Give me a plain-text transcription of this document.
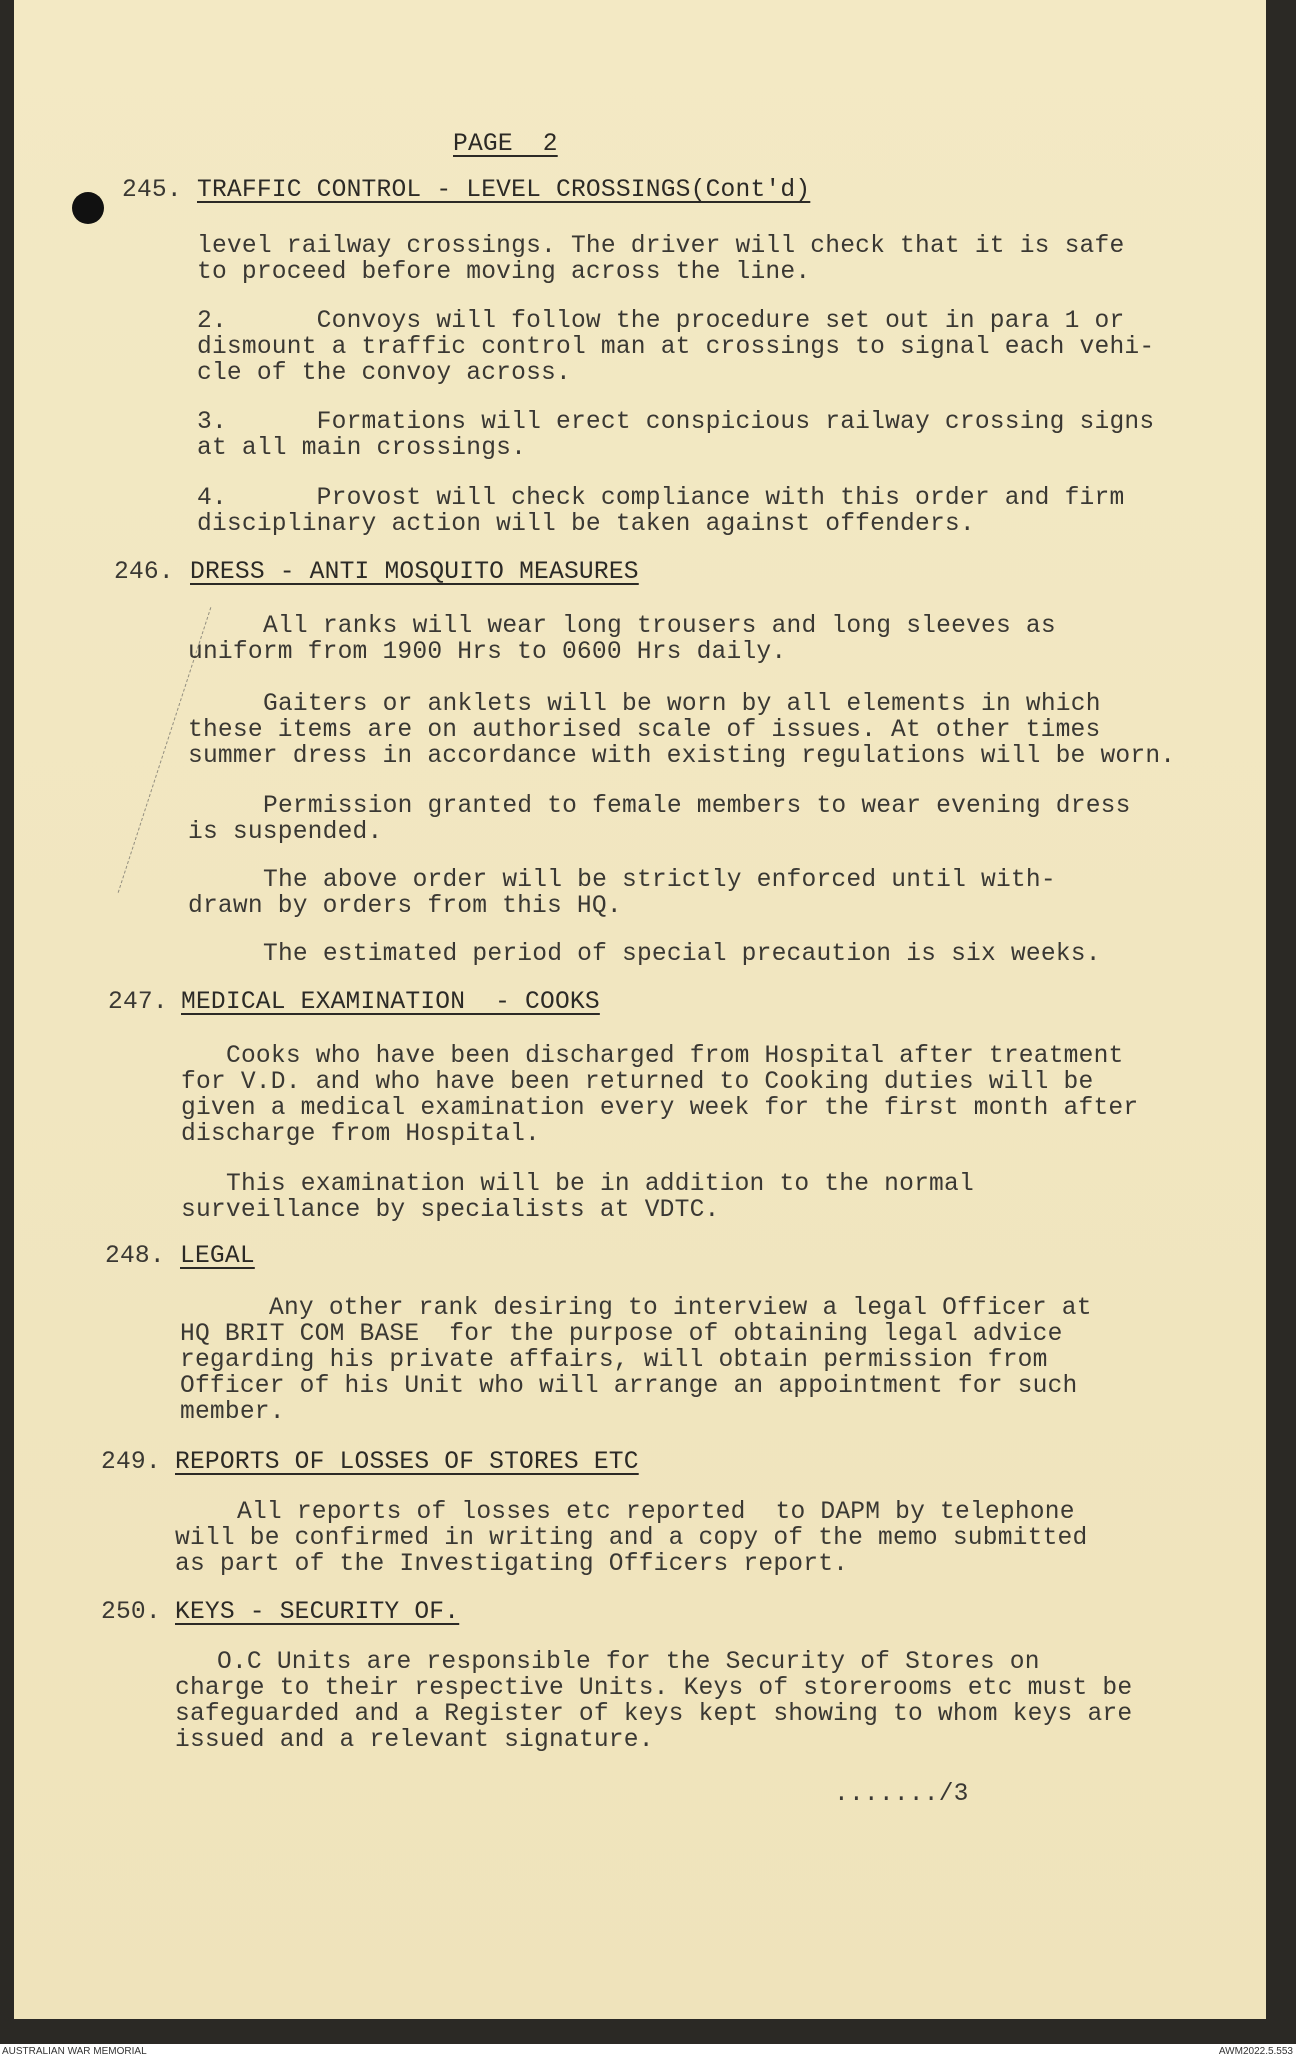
PAGE  2
245. TRAFFIC CONTROL - LEVEL CROSSINGS(Cont'd)
level railway crossings. The driver will check that it is safe
to proceed before moving across the line.
2.      Convoys will follow the procedure set out in para 1 or
dismount a traffic control man at crossings to signal each vehi-
cle of the convoy across.
3.      Formations will erect conspicious railway crossing signs
at all main crossings.
4.      Provost will check compliance with this order and firm
disciplinary action will be taken against offenders.
246. DRESS - ANTI MOSQUITO MEASURES
All ranks will wear long trousers and long sleeves as
uniform from 1900 Hrs to 0600 Hrs daily.
Gaiters or anklets will be worn by all elements in which
these items are on authorised scale of issues. At other times
summer dress in accordance with existing regulations will be worn.
Permission granted to female members to wear evening dress
is suspended.
The above order will be strictly enforced until with-
drawn by orders from this HQ.
The estimated period of special precaution is six weeks.
247. MEDICAL EXAMINATION  - COOKS
Cooks who have been discharged from Hospital after treatment
for V.D. and who have been returned to Cooking duties will be
given a medical examination every week for the first month after
discharge from Hospital.
This examination will be in addition to the normal
surveillance by specialists at VDTC.
248. LEGAL
Any other rank desiring to interview a legal Officer at
HQ BRIT COM BASE  for the purpose of obtaining legal advice
regarding his private affairs, will obtain permission from
Officer of his Unit who will arrange an appointment for such
member.
249. REPORTS OF LOSSES OF STORES ETC
All reports of losses etc reported  to DAPM by telephone
will be confirmed in writing and a copy of the memo submitted
as part of the Investigating Officers report.
250. KEYS - SECURITY OF.
O.C Units are responsible for the Security of Stores on
charge to their respective Units. Keys of storerooms etc must be
safeguarded and a Register of keys kept showing to whom keys are
issued and a relevant signature.
......./3
AUSTRALIAN WAR MEMORIAL	AWM2022.5.553
